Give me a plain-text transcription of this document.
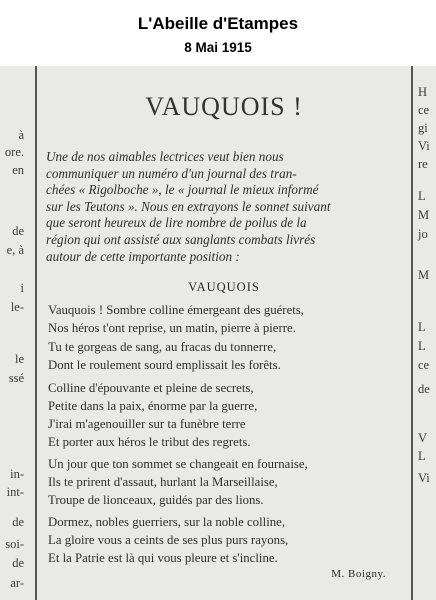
L'Abeille d'Etampes
8 Mai 1915
à
ore.
en
de
e, à
i
le-
le
ssé
in-
int-
de
soi-
de
ar-
H
ce
gi
Vi
re
L
M
jo
M
L
L
ce
de
V
L
Vi
VAUQUOIS !
Une de nos aimables lectrices veut bien nous
communiquer un numéro d'un journal des tran-
chées « Rigolboche », le « journal le mieux informé
sur les Teutons ». Nous en extrayons le sonnet suivant
que seront heureux de lire nombre de poilus de la
région qui ont assisté aux sanglants combats livrés
autour de cette importante position :
VAUQUOIS
Vauquois ! Sombre colline émergeant des guérets,
Nos héros t'ont reprise, un matin, pierre à pierre.
Tu te gorgeas de sang, au fracas du tonnerre,
Dont le roulement sourd emplissait les forêts.
Colline d'épouvante et pleine de secrets,
Petite dans la paix, énorme par la guerre,
J'irai m'agenouiller sur ta funèbre terre
Et porter aux héros le tribut des regrets.
Un jour que ton sommet se changeait en fournaise,
Ils te prirent d'assaut, hurlant la Marseillaise,
Troupe de lionceaux, guidés par des lions.
Dormez, nobles guerriers, sur la noble colline,
La gloire vous a ceints de ses plus purs rayons,
Et la Patrie est là qui vous pleure et s'incline.
M. Boigny.
